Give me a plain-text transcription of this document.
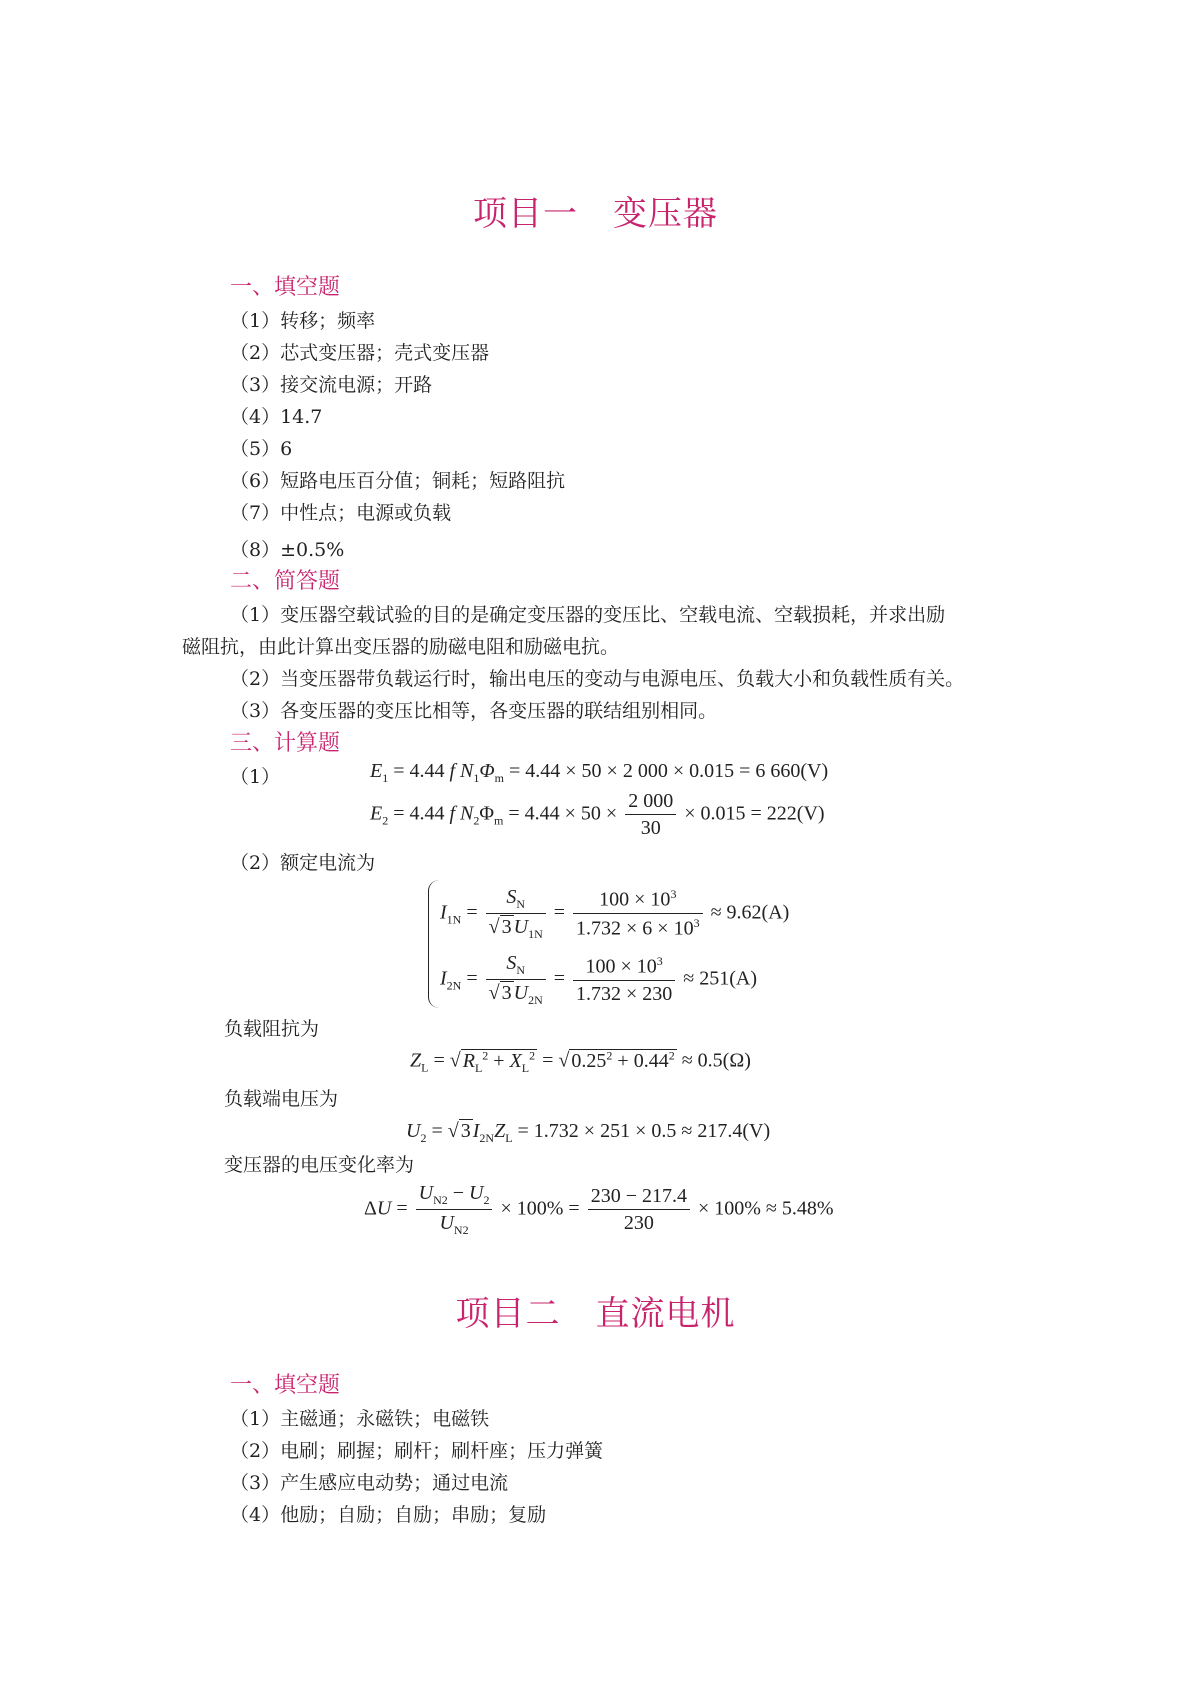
项目一　变压器
一、填空题
（1）转移；频率
（2）芯式变压器；壳式变压器
（3）接交流电源；开路
（4）14.7
（5）6
（6）短路电压百分值；铜耗；短路阻抗
（7）中性点；电源或负载
（8）±0.5%
二、简答题
（1）变压器空载试验的目的是确定变压器的变压比、空载电流、空载损耗，并求出励
磁阻抗，由此计算出变压器的励磁电阻和励磁电抗。
（2）当变压器带负载运行时，输出电压的变动与电源电压、负载大小和负载性质有关。
（3）各变压器的变压比相等，各变压器的联结组别相同。
三、计算题
（1）	$E_1 = 4.44$ f $N_1\Phi_m = 4.44 \times 50 \times 2$ 000 × 0.015 = 6 660(V)
$E_2 = 4.44$ f $N_2\Phi_m = 4.44 \times 50 \times \frac{2 000}{30} \times 0.015 = 222(V)$
（2）额定电流为
$I_{1N} = \frac{S_N}{√ 3 U_{1N}} = \frac{100 \times 10^3}{1.732 \times 6 \times 10^3} \approx 9.62(A)$
$I_{2N} = \frac{S_N}{√ 3 U_{2N}} = \frac{100 \times 10^3}{1.732 \times 230} \approx 251(A)$
负载阻抗为
$Z_L$ = √ $R_L^2 + X_L^2$ = √ $0.25^2 + 0.44^2 \approx 0.5(\Omega)$
负载端电压为
$U_2$ = √ 3 $I_{2N}Z_L = 1.732 \times 251 \times 0.5 \approx 217.4(V)$
变压器的电压变化率为
$\Delta U = \frac{U_{N2} - U_2}{U_{N2}} \times 100\% = \frac{230 - 217.4}{230} \times 100\% \approx 5.48\%$
项目二　直流电机
一、填空题
（1）主磁通；永磁铁；电磁铁
（2）电刷；刷握；刷杆；刷杆座；压力弹簧
（3）产生感应电动势；通过电流
（4）他励；自励；自励；串励；复励
